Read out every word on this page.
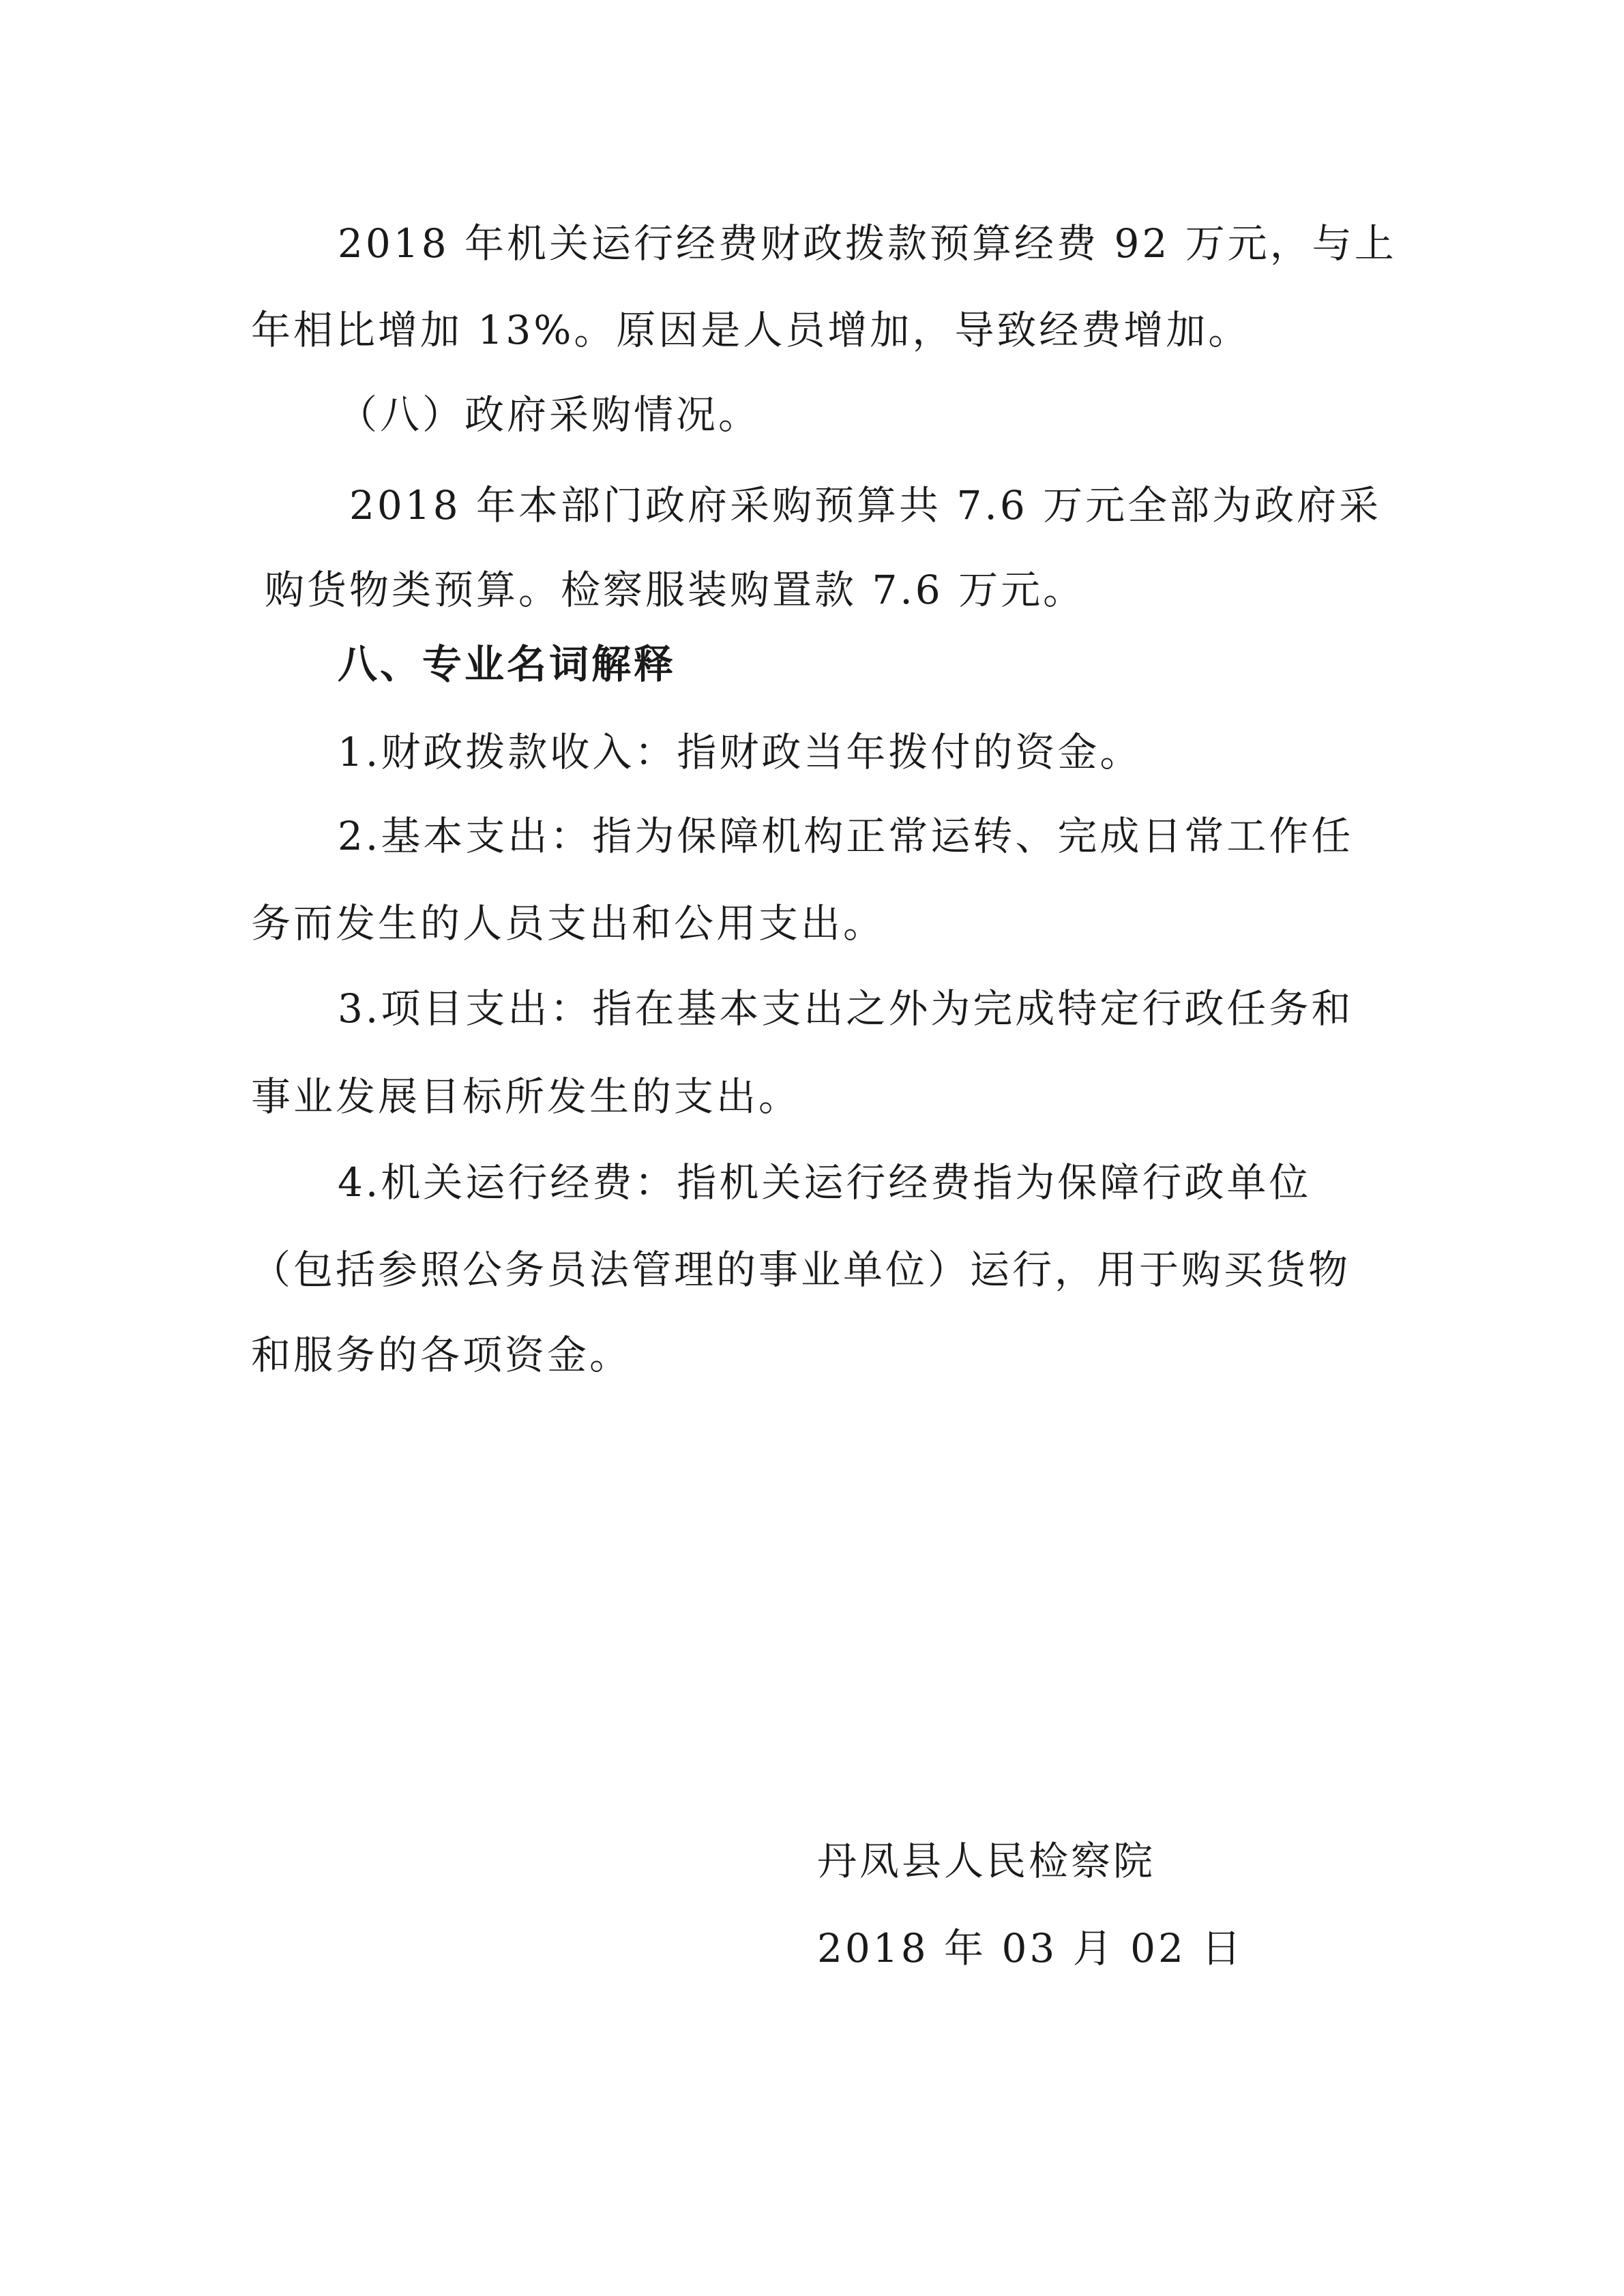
2018 年机关运行经费财政拨款预算经费 92 万元，与上
年相比增加 13%。原因是人员增加，导致经费增加。
（八）政府采购情况。
2018 年本部门政府采购预算共 7.6 万元全部为政府采
购货物类预算。检察服装购置款 7.6 万元。
八、专业名词解释
1.财政拨款收入：指财政当年拨付的资金。
2.基本支出：指为保障机构正常运转、完成日常工作任
务而发生的人员支出和公用支出。
3.项目支出：指在基本支出之外为完成特定行政任务和
事业发展目标所发生的支出。
4.机关运行经费：指机关运行经费指为保障行政单位
（包括参照公务员法管理的事业单位）运行，用于购买货物
和服务的各项资金。
丹凤县人民检察院
2018 年 03 月 02 日
